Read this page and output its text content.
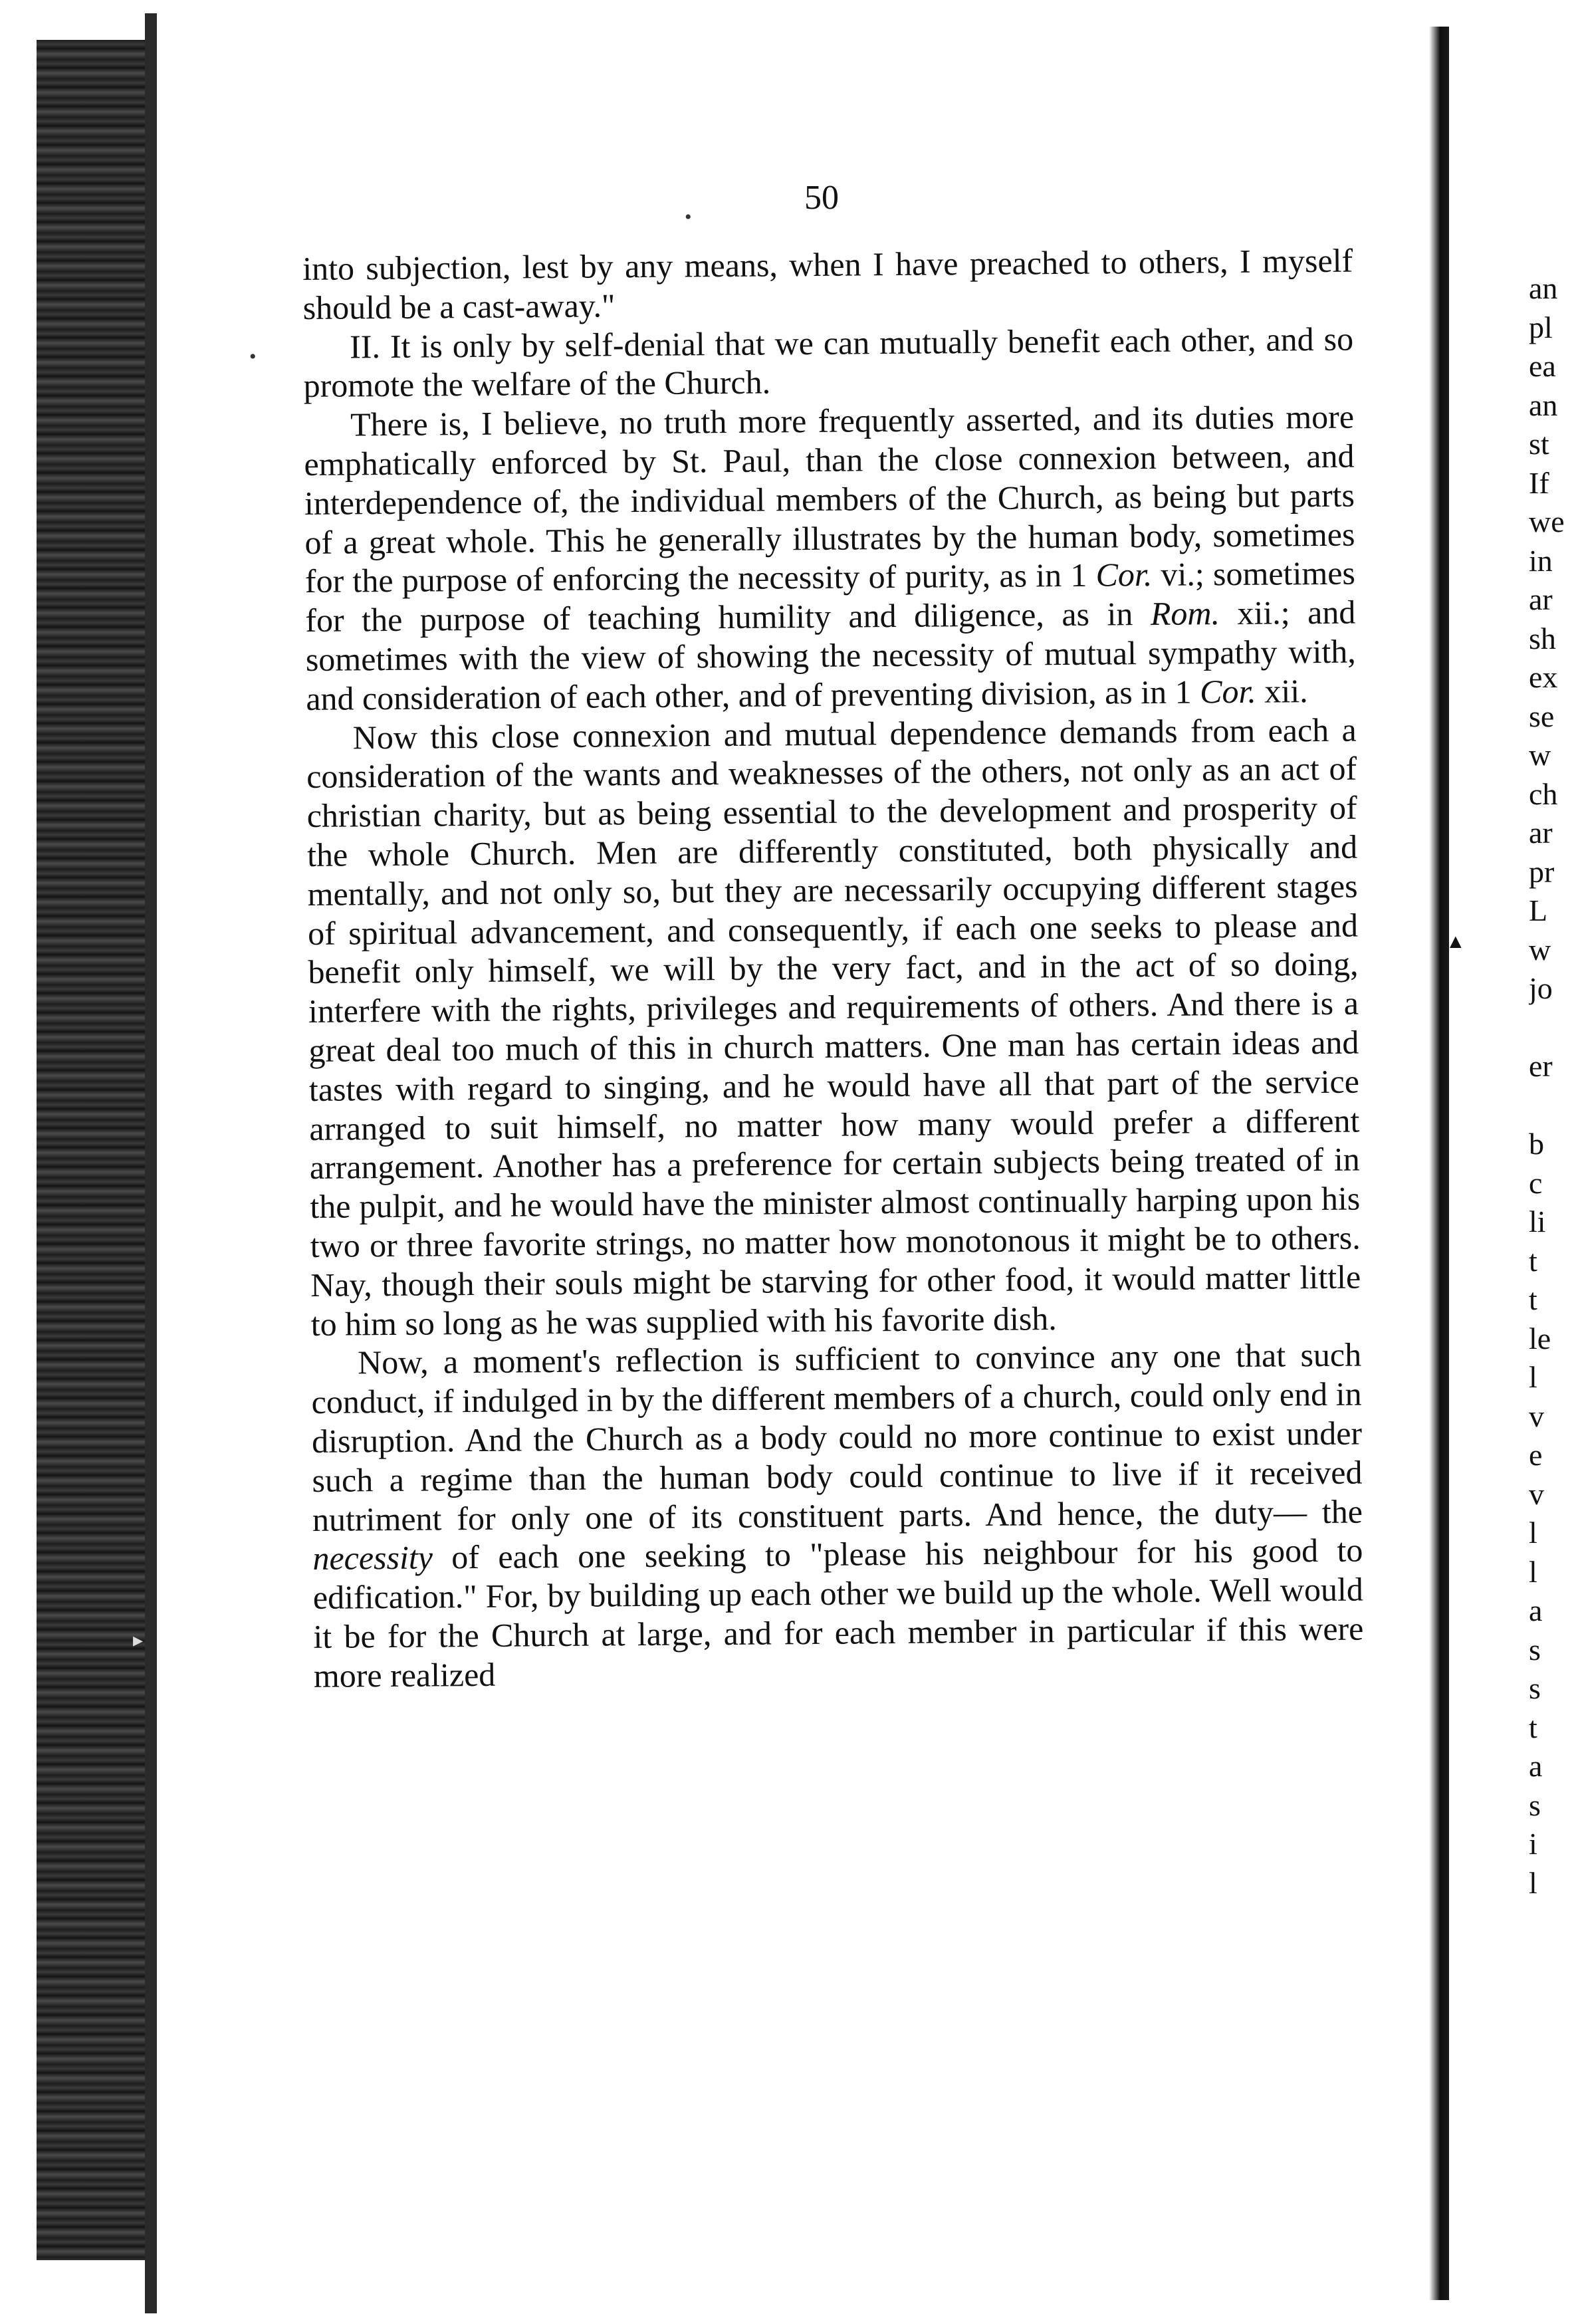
•
•
▸
▲
50

into subjection, lest by any means, when I have preached to others, I myself should be a cast-away."

II. It is only by self-denial that we can mutually benefit each other, and so promote the welfare of the Church.

There is, I believe, no truth more frequently asserted, and its duties more emphatically enforced by St. Paul, than the close connexion between, and interdependence of, the individual members of the Church, as being but parts of a great whole. This he generally illustrates by the human body, sometimes for the purpose of enforcing the necessity of purity, as in 1 Cor. vi.; sometimes for the purpose of teaching humility and diligence, as in Rom. xii.; and sometimes with the view of showing the necessity of mutual sympathy with, and consideration of each other, and of preventing division, as in 1 Cor. xii.

Now this close connexion and mutual dependence demands from each a consideration of the wants and weaknesses of the others, not only as an act of christian charity, but as being essential to the development and prosperity of the whole Church. Men are differently constituted, both physically and mentally, and not only so, but they are necessarily occupying different stages of spiritual advancement, and consequently, if each one seeks to please and benefit only himself, we will by the very fact, and in the act of so doing, interfere with the rights, privileges and requirements of others. And there is a great deal too much of this in church matters. One man has certain ideas and tastes with regard to singing, and he would have all that part of the service arranged to suit himself, no matter how many would prefer a different arrangement. Another has a preference for certain subjects being treated of in the pulpit, and he would have the minister almost continually harping upon his two or three favorite strings, no matter how monotonous it might be to others. Nay, though their souls might be starving for other food, it would matter little to him so long as he was supplied with his favorite dish.

Now, a moment's reflection is sufficient to convince any one that such conduct, if indulged in by the different members of a church, could only end in disruption. And the Church as a body could no more continue to exist under such a regime than the human body could continue to live if it received nutriment for only one of its constituent parts. And hence, the duty— the necessity of each one seeking to "please his neighbour for his good to edification." For, by building up each other we build up the whole. Well would it be for the Church at large, and for each member in particular if this were more realized

an
pl
ea
an
st
If
we
in
ar
sh
ex
se
w
ch
ar
pr
L
w
jo
er
b
c
li
t
t
le
l
v
e
v
l
l
a
s
s
t
a
s
i
l
